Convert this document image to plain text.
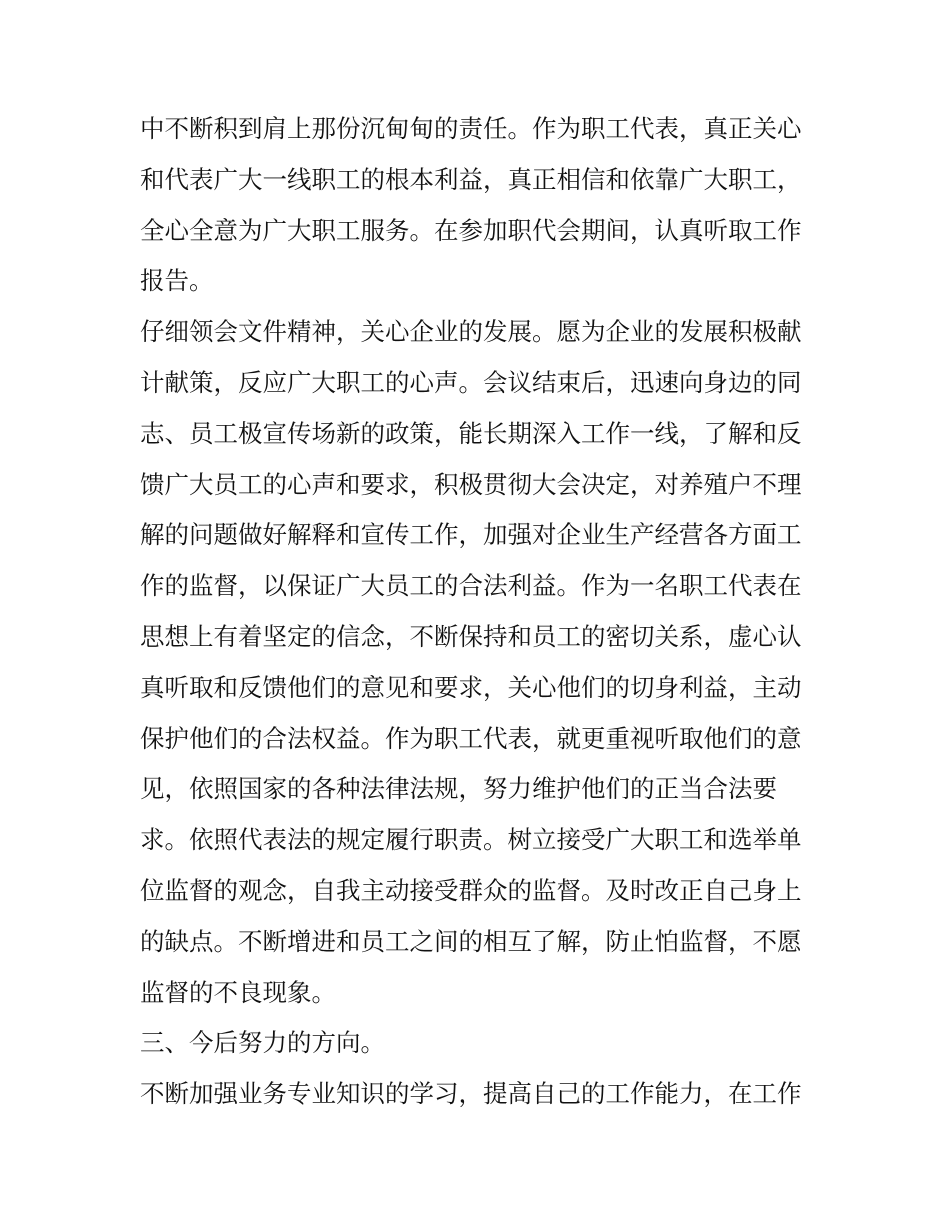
中不断积到肩上那份沉甸甸的责任。作为职工代表，真正关心

和代表广大一线职工的根本利益，真正相信和依靠广大职工，

全心全意为广大职工服务。在参加职代会期间，认真听取工作

报告。

仔细领会文件精神，关心企业的发展。愿为企业的发展积极献

计献策，反应广大职工的心声。会议结束后，迅速向身边的同

志、员工极宣传场新的政策，能长期深入工作一线，了解和反

馈广大员工的心声和要求，积极贯彻大会决定，对养殖户不理

解的问题做好解释和宣传工作，加强对企业生产经营各方面工

作的监督，以保证广大员工的合法利益。作为一名职工代表在

思想上有着坚定的信念，不断保持和员工的密切关系，虚心认

真听取和反馈他们的意见和要求，关心他们的切身利益，主动

保护他们的合法权益。作为职工代表，就更重视听取他们的意

见，依照国家的各种法律法规，努力维护他们的正当合法要

求。依照代表法的规定履行职责。树立接受广大职工和选举单

位监督的观念，自我主动接受群众的监督。及时改正自己身上

的缺点。不断增进和员工之间的相互了解，防止怕监督，不愿

监督的不良现象。

三、今后努力的方向。

不断加强业务专业知识的学习，提高自己的工作能力，在工作
